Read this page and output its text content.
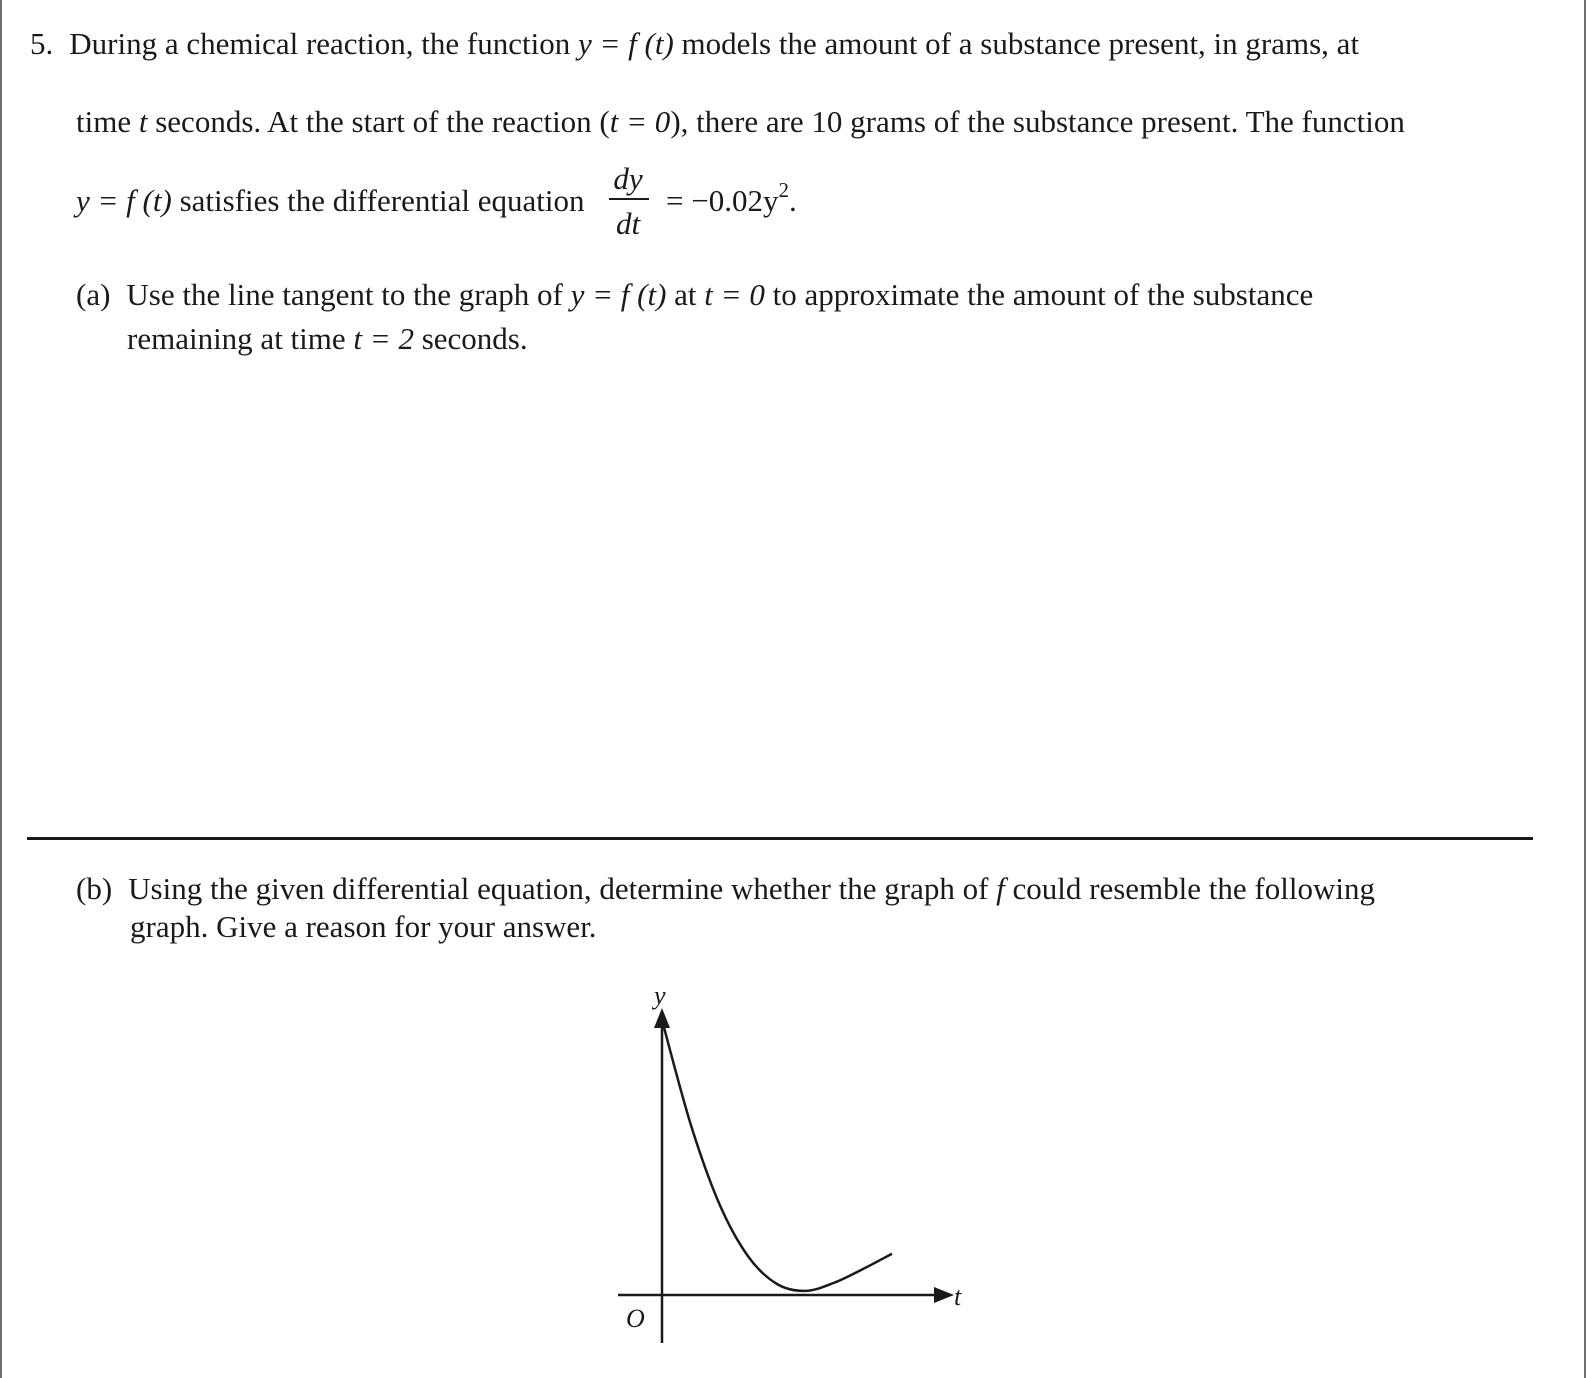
5. During a chemical reaction, the function y = f (t) models the amount of a substance present, in grams, at
time t seconds. At the start of the reaction (t = 0), there are 10 grams of the substance present. The function
y = f (t) satisfies the differential equation
dy
dt
= $-0.02y^2$.
(a) Use the line tangent to the graph of y = f (t) at t = 0 to approximate the amount of the substance
remaining at time t = 2 seconds.
(b) Using the given differential equation, determine whether the graph of f could resemble the following
graph. Give a reason for your answer.
y
t
O
